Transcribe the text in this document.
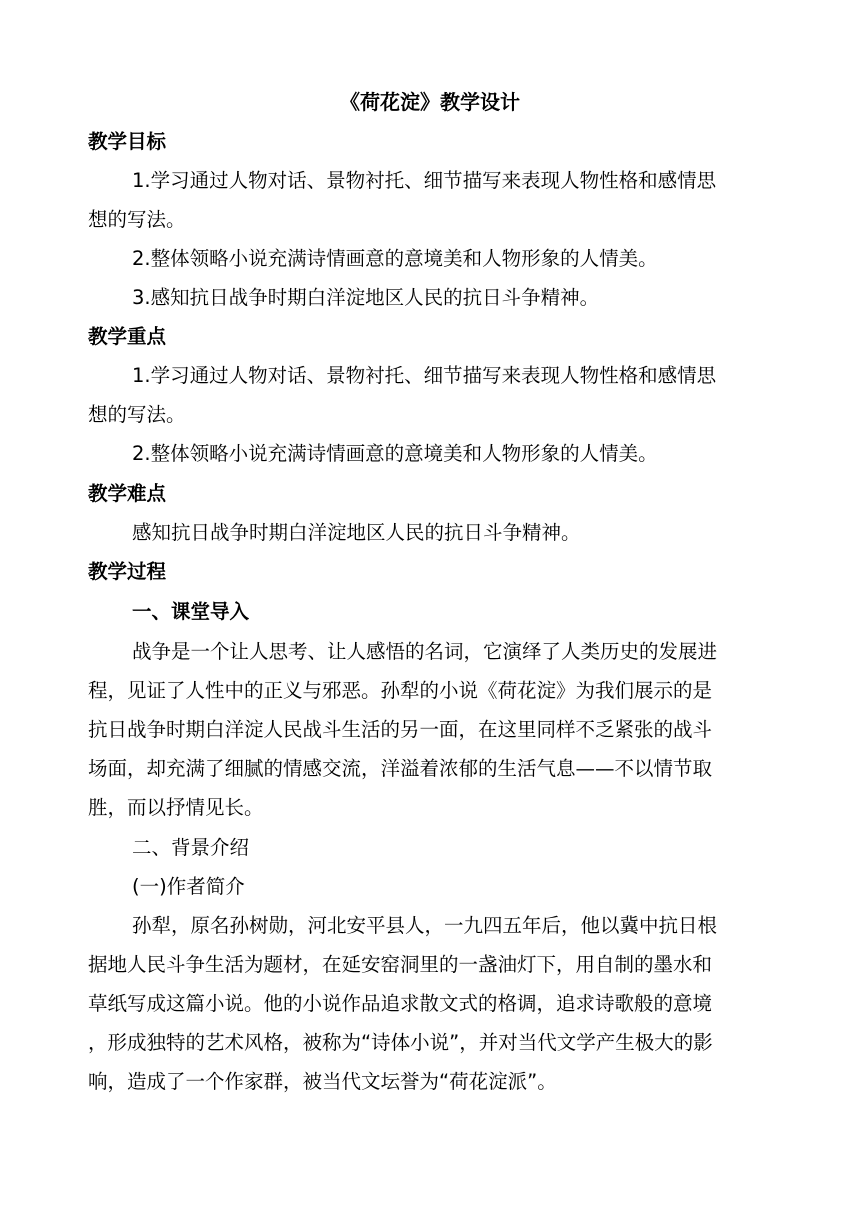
《荷花淀》教学设计
教学目标
1.学习通过人物对话、景物衬托、细节描写来表现人物性格和感情思
想的写法。
2.整体领略小说充满诗情画意的意境美和人物形象的人情美。
3.感知抗日战争时期白洋淀地区人民的抗日斗争精神。
教学重点
1.学习通过人物对话、景物衬托、细节描写来表现人物性格和感情思
想的写法。
2.整体领略小说充满诗情画意的意境美和人物形象的人情美。
教学难点
感知抗日战争时期白洋淀地区人民的抗日斗争精神。
教学过程
一、课堂导入
战争是一个让人思考、让人感悟的名词，它演绎了人类历史的发展进
程，见证了人性中的正义与邪恶。孙犁的小说《荷花淀》为我们展示的是
抗日战争时期白洋淀人民战斗生活的另一面，在这里同样不乏紧张的战斗
场面，却充满了细腻的情感交流，洋溢着浓郁的生活气息——不以情节取
胜，而以抒情见长。
二、背景介绍
(一)作者简介
孙犁，原名孙树勋，河北安平县人，一九四五年后，他以冀中抗日根
据地人民斗争生活为题材，在延安窑洞里的一盏油灯下，用自制的墨水和
草纸写成这篇小说。他的小说作品追求散文式的格调，追求诗歌般的意境
，形成独特的艺术风格，被称为“诗体小说”，并对当代文学产生极大的影
响，造成了一个作家群，被当代文坛誉为“荷花淀派”。
